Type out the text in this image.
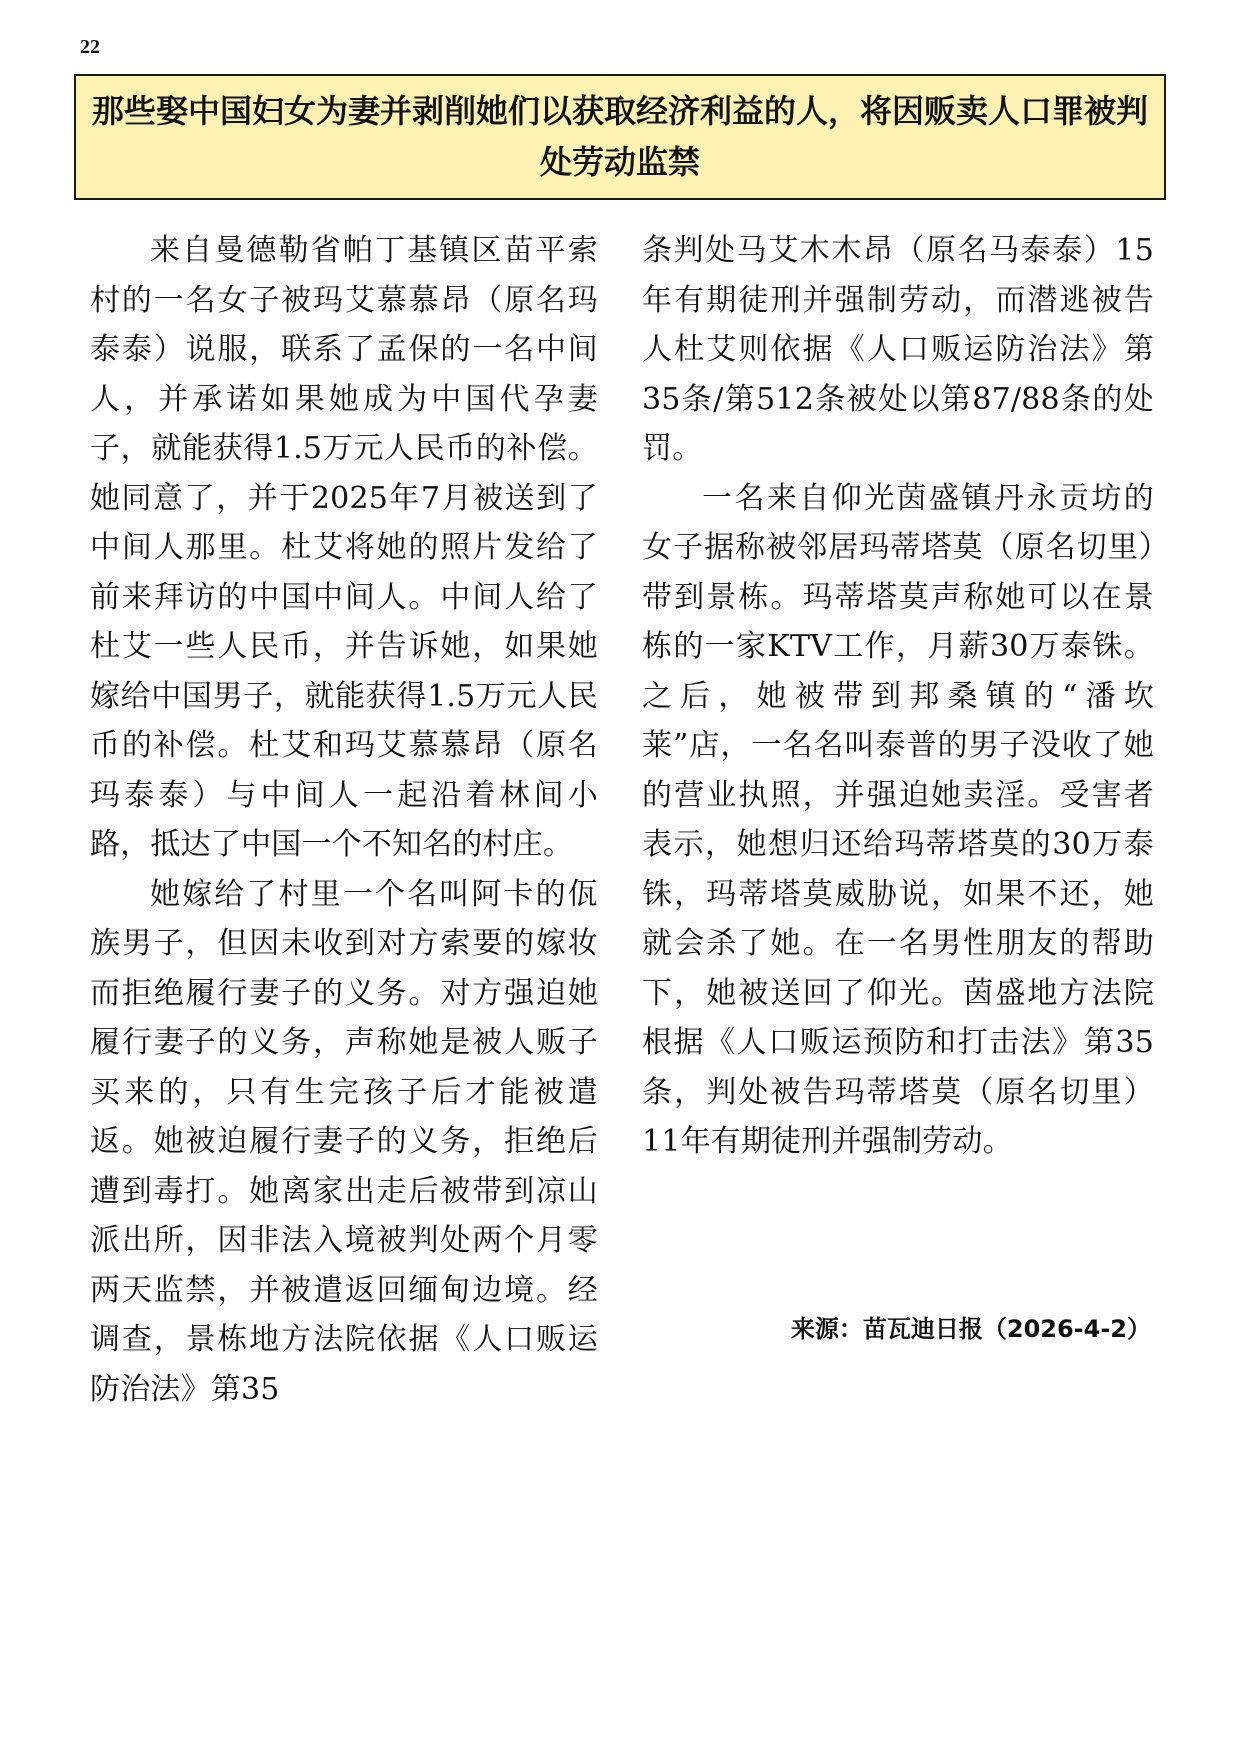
22
那些娶中国妇女为妻并剥削她们以获取经济利益的人，将因贩卖人口罪被判处劳动监禁

来自曼德勒省帕丁基镇区苗平索村的一名女子被玛艾慕慕昂（原名玛泰泰）说服，联系了孟保的一名中间人，并承诺如果她成为中国代孕妻子，就能获得1.5万元人民币的补偿。她同意了，并于2025年7月被送到了中间人那里。杜艾将她的照片发给了前来拜访的中国中间人。中间人给了杜艾一些人民币，并告诉她，如果她嫁给中国男子，就能获得1.5万元人民币的补偿。杜艾和玛艾慕慕昂（原名玛泰泰）与中间人一起沿着林间小路，抵达了中国一个不知名的村庄。

她嫁给了村里一个名叫阿卡的佤族男子，但因未收到对方索要的嫁妆而拒绝履行妻子的义务。对方强迫她履行妻子的义务，声称她是被人贩子买来的，只有生完孩子后才能被遣返。她被迫履行妻子的义务，拒绝后遭到毒打。她离家出走后被带到凉山派出所，因非法入境被判处两个月零两天监禁，并被遣返回缅甸边境。经调查，景栋地方法院依据《人口贩运防治法》第35

条判处马艾木木昂（原名马泰泰）15年有期徒刑并强制劳动，而潜逃被告人杜艾则依据《人口贩运防治法》第35条/第512条被处以第87/88条的处罚。

一名来自仰光茵盛镇丹永贡坊的女子据称被邻居玛蒂塔莫（原名切里）带到景栋。玛蒂塔莫声称她可以在景栋的一家KTV工作，月薪30万泰铢。之后，她被带到邦桑镇的“潘坎莱”店，一名名叫泰普的男子没收了她的营业执照，并强迫她卖淫。受害者表示，她想归还给玛蒂塔莫的30万泰铢，玛蒂塔莫威胁说，如果不还，她就会杀了她。在一名男性朋友的帮助下，她被送回了仰光。茵盛地方法院根据《人口贩运预防和打击法》第35条，判处被告玛蒂塔莫（原名切里）11年有期徒刑并强制劳动。

来源：苗瓦迪日报（2026-4-2）
